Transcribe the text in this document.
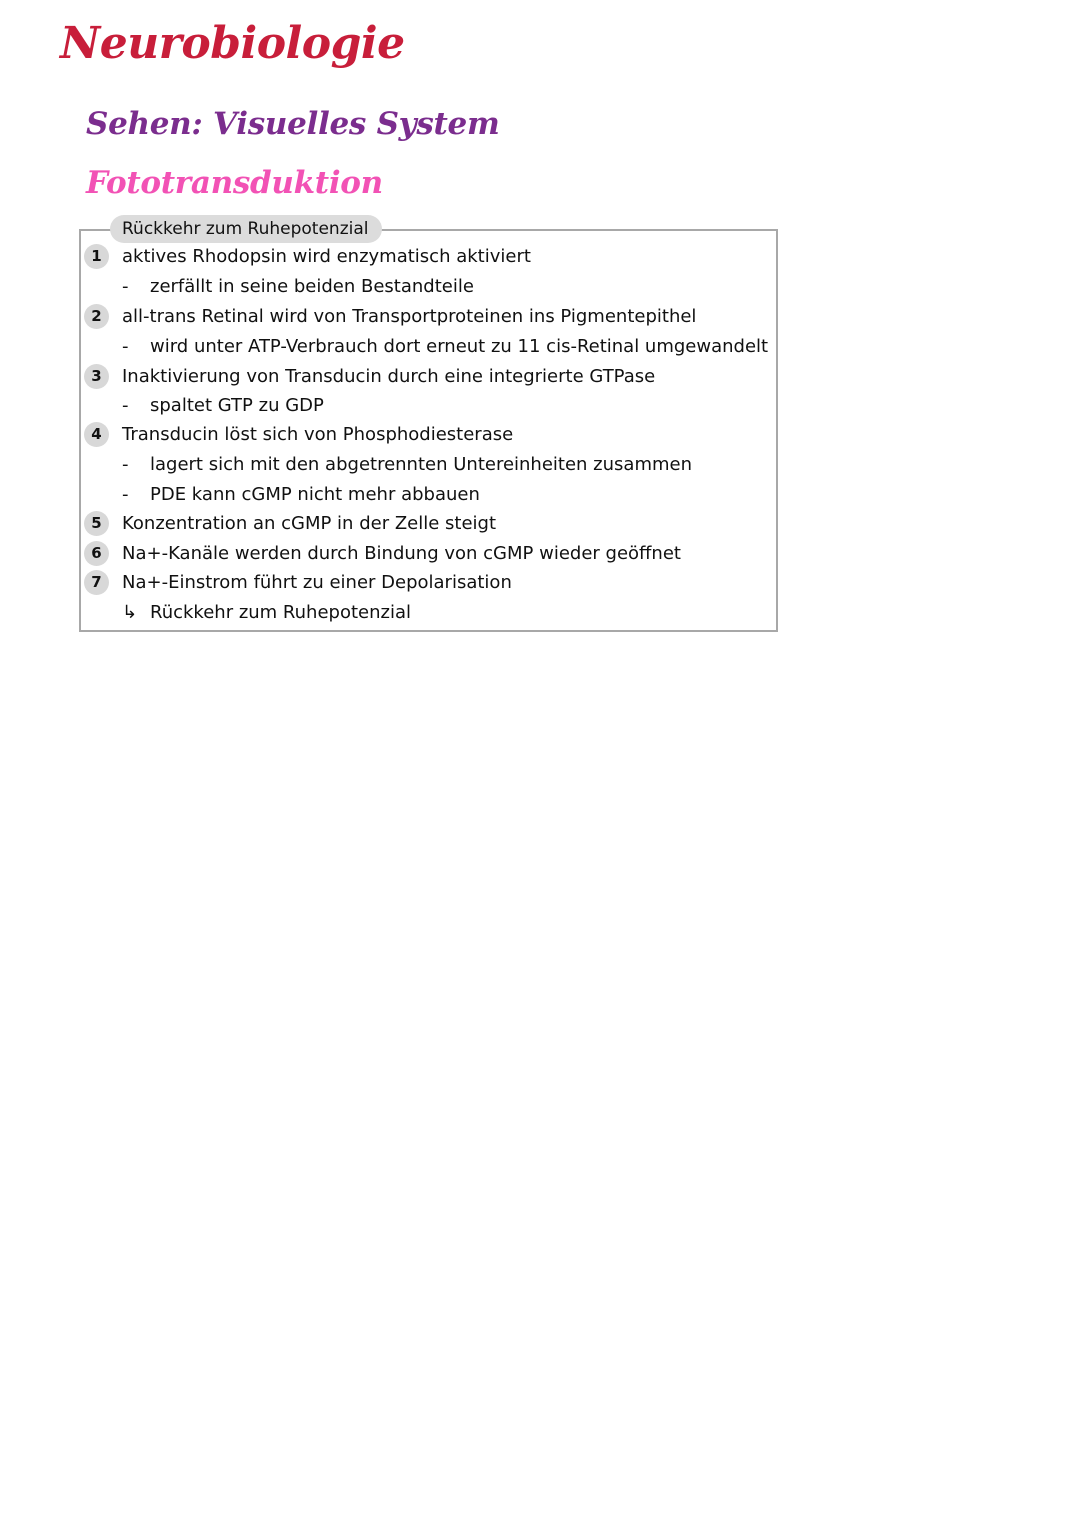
Neurobiologie
Sehen: Visuelles System
Fototransduktion
Rückkehr zum Ruhepotenzial
1	aktives Rhodopsin wird enzymatisch aktiviert
- zerfällt in seine beiden Bestandteile
2	all-trans Retinal wird von Transportproteinen ins Pigmentepithel
- wird unter ATP-Verbrauch dort erneut zu 11 cis-Retinal umgewandelt
3	Inaktivierung von Transducin durch eine integrierte GTPase
- spaltet GTP zu GDP
4	Transducin löst sich von Phosphodiesterase
- lagert sich mit den abgetrennten Untereinheiten zusammen
- PDE kann cGMP nicht mehr abbauen
5	Konzentration an cGMP in der Zelle steigt
6	Na+-Kanäle werden durch Bindung von cGMP wieder geöffnet
7	Na+-Einstrom führt zu einer Depolarisation
↳ Rückkehr zum Ruhepotenzial
